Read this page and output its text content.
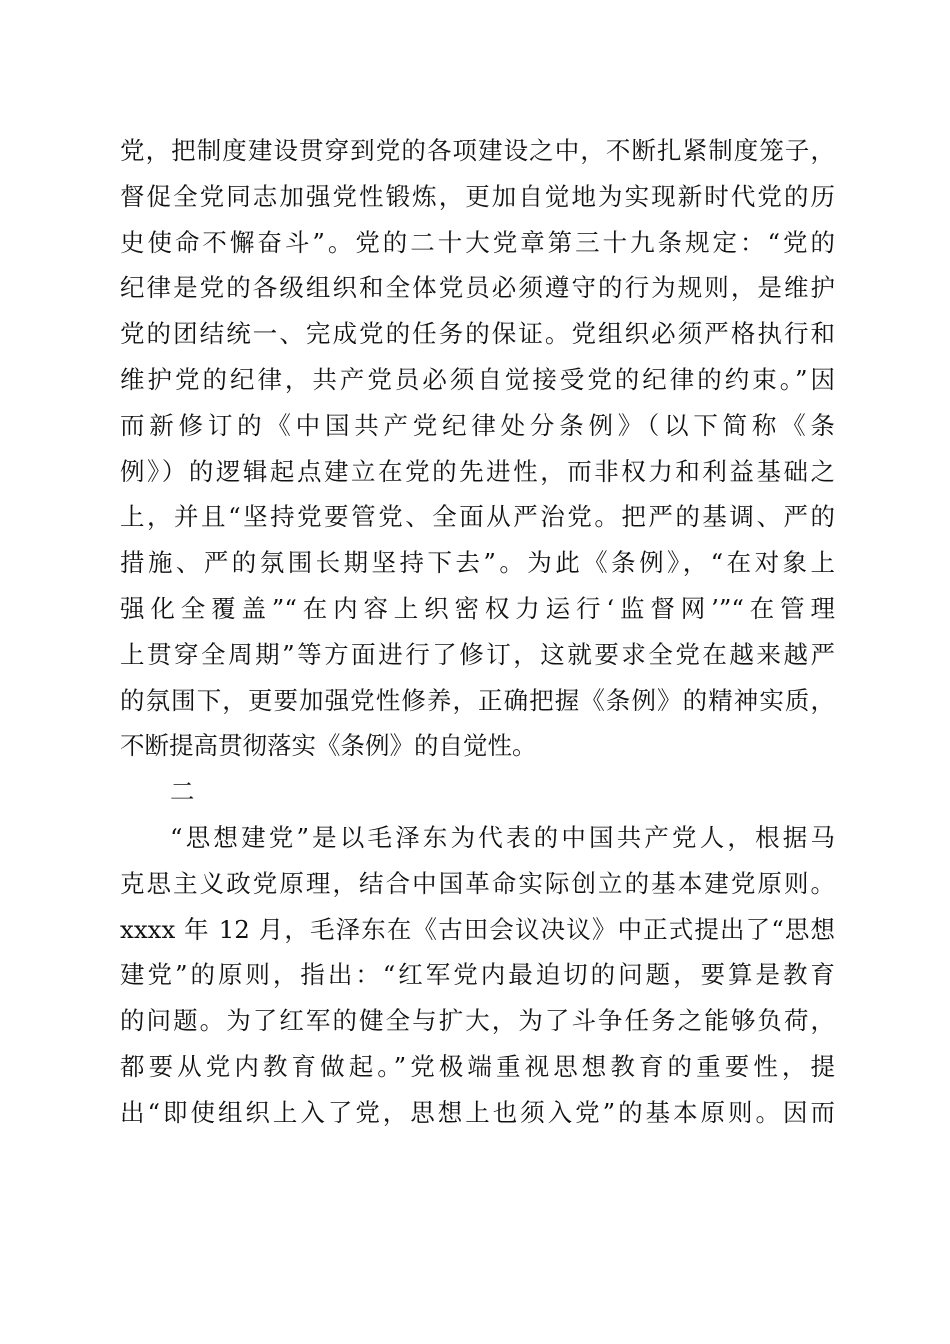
党，把制度建设贯穿到党的各项建设之中，不断扎紧制度笼子，
督促全党同志加强党性锻炼，更加自觉地为实现新时代党的历
史使命不懈奋斗”。党的二十大党章第三十九条规定：“党的
纪律是党的各级组织和全体党员必须遵守的行为规则，是维护
党的团结统一、完成党的任务的保证。党组织必须严格执行和
维护党的纪律，共产党员必须自觉接受党的纪律的约束。”因
而新修订的《中国共产党纪律处分条例》（以下简称《条
例》）的逻辑起点建立在党的先进性，而非权力和利益基础之
上，并且“坚持党要管党、全面从严治党。把严的基调、严的
措施、严的氛围长期坚持下去”。为此《条例》，“在对象上
强化全覆盖”“在内容上织密权力运行‘监督网’”“在管理
上贯穿全周期”等方面进行了修订，这就要求全党在越来越严
的氛围下，更要加强党性修养，正确把握《条例》的精神实质，
不断提高贯彻落实《条例》的自觉性。
二
“思想建党”是以毛泽东为代表的中国共产党人，根据马
克思主义政党原理，结合中国革命实际创立的基本建党原则。
xxxx 年 12 月，毛泽东在《古田会议决议》中正式提出了“思想
建党”的原则，指出：“红军党内最迫切的问题，要算是教育
的问题。为了红军的健全与扩大，为了斗争任务之能够负荷，
都要从党内教育做起。”党极端重视思想教育的重要性，提
出“即使组织上入了党，思想上也须入党”的基本原则。因而
